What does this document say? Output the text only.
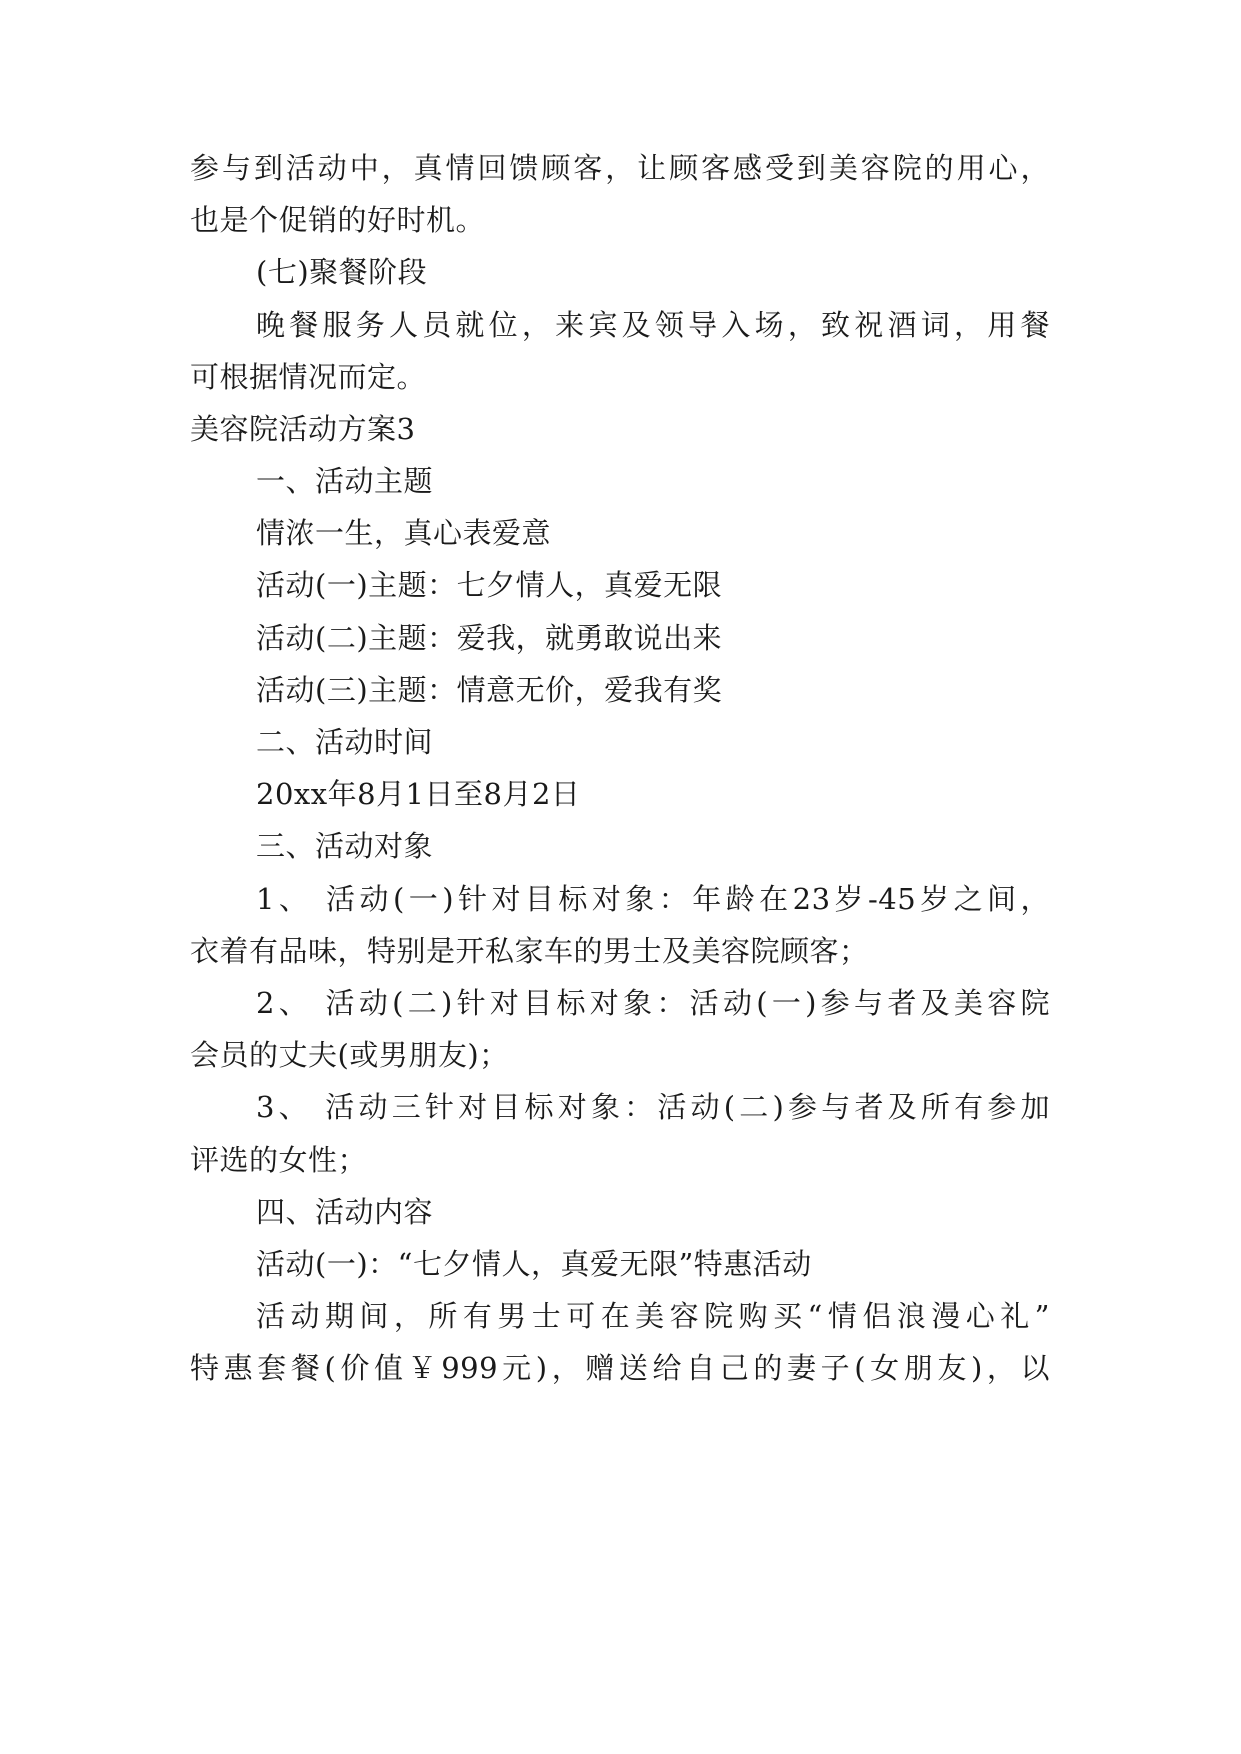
参与到活动中，真情回馈顾客，让顾客感受到美容院的用心，
也是个促销的好时机。
(七)聚餐阶段
晚餐服务人员就位，来宾及领导入场，致祝酒词，用餐
可根据情况而定。
美容院活动方案3
一、活动主题
情浓一生，真心表爱意
活动(一)主题：七夕情人，真爱无限
活动(二)主题：爱我，就勇敢说出来
活动(三)主题：情意无价，爱我有奖
二、活动时间
20xx年8月1日至8月2日
三、活动对象
1、 活动(一)针对目标对象：年龄在23岁-45岁之间，
衣着有品味，特别是开私家车的男士及美容院顾客；
2、 活动(二)针对目标对象：活动(一)参与者及美容院
会员的丈夫(或男朋友)；
3、 活动三针对目标对象：活动(二)参与者及所有参加
评选的女性；
四、活动内容
活动(一)：“七夕情人，真爱无限”特惠活动
活动期间，所有男士可在美容院购买“情侣浪漫心礼”
特惠套餐(价值￥999元)，赠送给自己的妻子(女朋友)，以
